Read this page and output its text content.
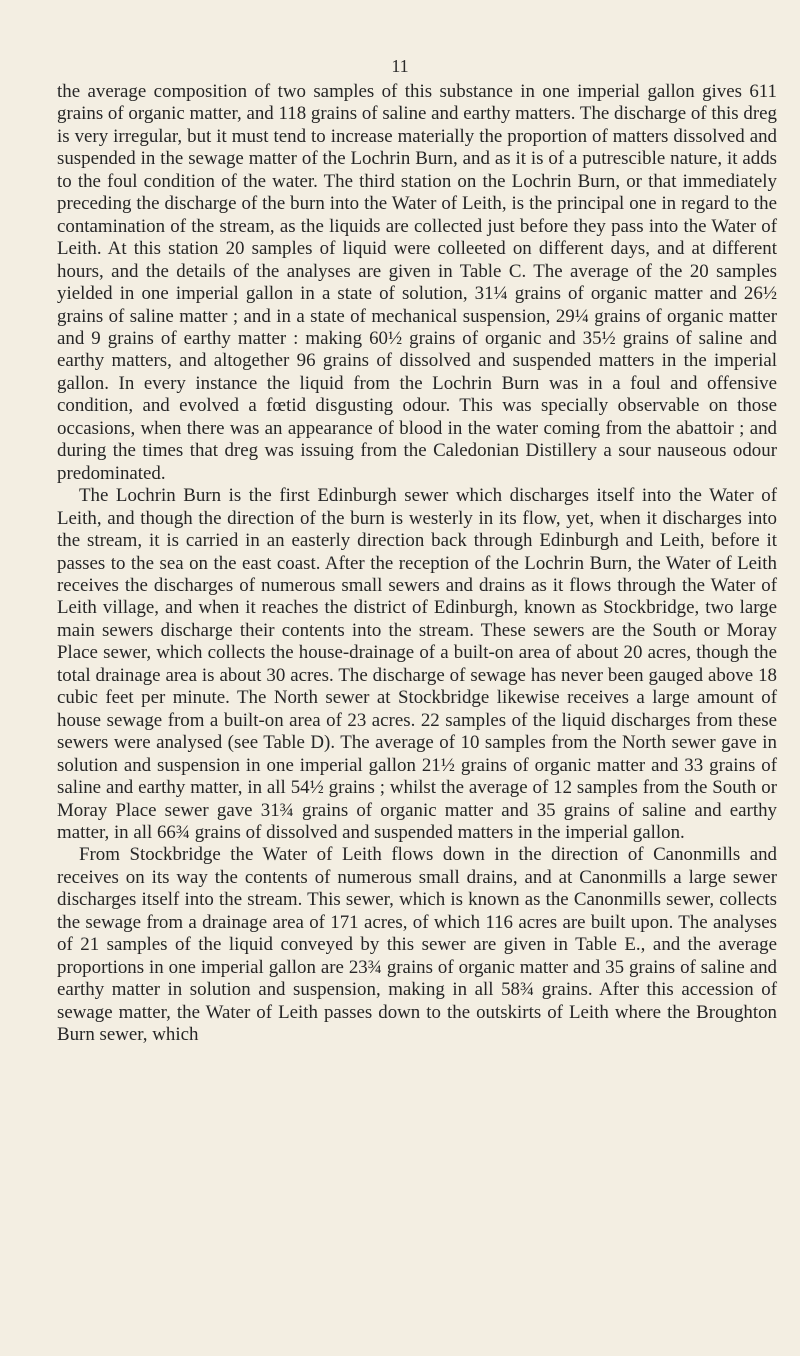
11

the average composition of two samples of this substance in one imperial gallon gives 611 grains of organic matter, and 118 grains of saline and earthy matters. The discharge of this dreg is very irregular, but it must tend to increase materially the proportion of matters dissolved and suspended in the sewage matter of the Lochrin Burn, and as it is of a putrescible nature, it adds to the foul condition of the water. The third station on the Lochrin Burn, or that immediately preceding the discharge of the burn into the Water of Leith, is the principal one in regard to the contamination of the stream, as the liquids are collected just before they pass into the Water of Leith. At this station 20 samples of liquid were colleeted on different days, and at different hours, and the details of the analyses are given in Table C. The average of the 20 samples yielded in one imperial gallon in a state of solution, 31¼ grains of organic matter and 26½ grains of saline matter ; and in a state of mechanical suspension, 29¼ grains of organic matter and 9 grains of earthy matter : making 60½ grains of organic and 35½ grains of saline and earthy matters, and altogether 96 grains of dissolved and suspended matters in the imperial gallon. In every instance the liquid from the Lochrin Burn was in a foul and offensive condition, and evolved a fœtid disgusting odour. This was specially observable on those occasions, when there was an appearance of blood in the water coming from the abattoir ; and during the times that dreg was issuing from the Caledonian Distillery a sour nauseous odour predominated.

The Lochrin Burn is the first Edinburgh sewer which discharges itself into the Water of Leith, and though the direction of the burn is westerly in its flow, yet, when it discharges into the stream, it is carried in an easterly direction back through Edinburgh and Leith, before it passes to the sea on the east coast. After the reception of the Lochrin Burn, the Water of Leith receives the discharges of numerous small sewers and drains as it flows through the Water of Leith village, and when it reaches the district of Edinburgh, known as Stockbridge, two large main sewers discharge their contents into the stream. These sewers are the South or Moray Place sewer, which collects the house-drainage of a built-on area of about 20 acres, though the total drainage area is about 30 acres. The discharge of sewage has never been gauged above 18 cubic feet per minute. The North sewer at Stockbridge likewise receives a large amount of house sewage from a built-on area of 23 acres. 22 samples of the liquid discharges from these sewers were analysed (see Table D). The average of 10 samples from the North sewer gave in solution and suspension in one imperial gallon 21½ grains of organic matter and 33 grains of saline and earthy matter, in all 54½ grains ; whilst the average of 12 samples from the South or Moray Place sewer gave 31¾ grains of organic matter and 35 grains of saline and earthy matter, in all 66¾ grains of dissolved and suspended matters in the imperial gallon.

From Stockbridge the Water of Leith flows down in the direction of Canonmills and receives on its way the contents of numerous small drains, and at Canonmills a large sewer discharges itself into the stream. This sewer, which is known as the Canonmills sewer, collects the sewage from a drainage area of 171 acres, of which 116 acres are built upon. The analyses of 21 samples of the liquid conveyed by this sewer are given in Table E., and the average proportions in one imperial gallon are 23¾ grains of organic matter and 35 grains of saline and earthy matter in solution and suspension, making in all 58¾ grains. After this accession of sewage matter, the Water of Leith passes down to the outskirts of Leith where the Broughton Burn sewer, which
